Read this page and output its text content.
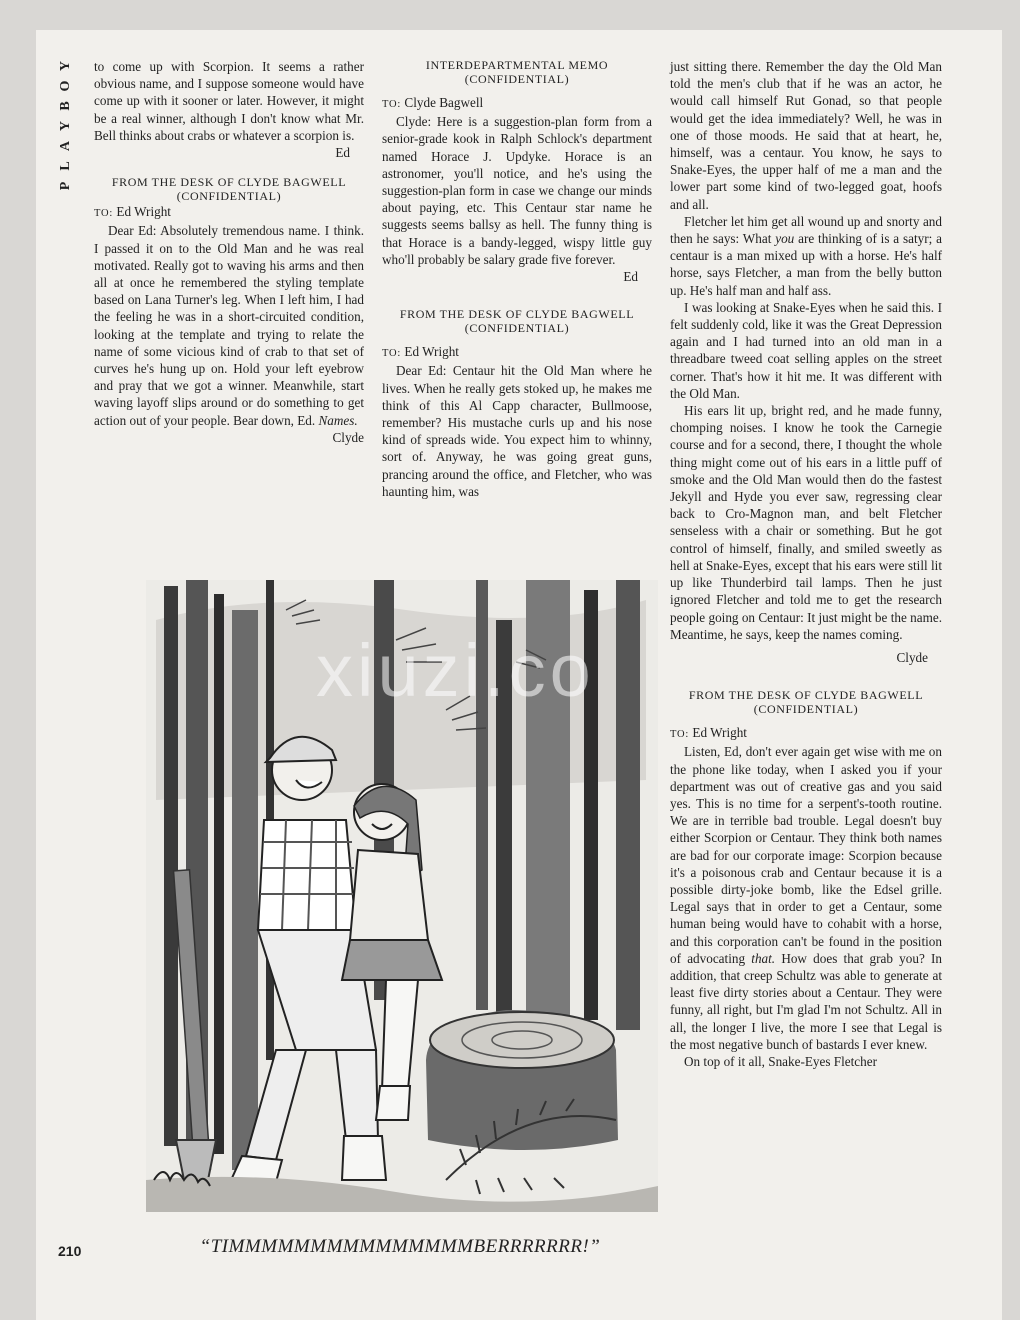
Y
O
B
Y
A
L
P

to come up with Scorpion. It seems a rather obvious name, and I suppose someone would have come up with it sooner or later. However, it might be a real winner, although I don't know what Mr. Bell thinks about crabs or whatever a scorpion is.

Ed

FROM THE DESK OF CLYDE BAGWELL

(CONFIDENTIAL)

TO: Ed Wright

Dear Ed: Absolutely tremendous name. I think. I passed it on to the Old Man and he was real motivated. Really got to waving his arms and then all at once he remembered the styling template based on Lana Turner's leg. When I left him, I had the feeling he was in a short-circuited condition, looking at the template and trying to relate the name of some vicious kind of crab to that set of curves he's hung up on. Hold your left eyebrow and pray that we got a winner. Meanwhile, start waving layoff slips around or do something to get action out of your people. Bear down, Ed. Names.

Clyde

INTERDEPARTMENTAL MEMO

(CONFIDENTIAL)

TO: Clyde Bagwell

Clyde: Here is a suggestion-plan form from a senior-grade kook in Ralph Schlock's department named Horace J. Updyke. Horace is an astronomer, you'll notice, and he's using the suggestion-plan form in case we change our minds about paying, etc. This Centaur star name he suggests seems ballsy as hell. The funny thing is that Horace is a bandy-legged, wispy little guy who'll probably be salary grade five forever.

Ed

FROM THE DESK OF CLYDE BAGWELL

(CONFIDENTIAL)

TO: Ed Wright

Dear Ed: Centaur hit the Old Man where he lives. When he really gets stoked up, he makes me think of this Al Capp character, Bullmoose, remember? His mustache curls up and his nose kind of spreads wide. You expect him to whinny, sort of. Anyway, he was going great guns, prancing around the office, and Fletcher, who was haunting him, was

just sitting there. Remember the day the Old Man told the men's club that if he was an actor, he would call himself Rut Gonad, so that people would get the idea immediately? Well, he was in one of those moods. He said that at heart, he, himself, was a centaur. You know, he says to Snake-Eyes, the upper half of me a man and the lower part some kind of two-legged goat, hoofs and all.

Fletcher let him get all wound up and snorty and then he says: What you are thinking of is a satyr; a centaur is a man mixed up with a horse. He's half horse, says Fletcher, a man from the belly button up. He's half man and half ass.

I was looking at Snake-Eyes when he said this. I felt suddenly cold, like it was the Great Depression again and I had turned into an old man in a threadbare tweed coat selling apples on the street corner. That's how it hit me. It was different with the Old Man.

His ears lit up, bright red, and he made funny, chomping noises. I know he took the Carnegie course and for a second, there, I thought the whole thing might come out of his ears in a little puff of smoke and the Old Man would then do the fastest Jekyll and Hyde you ever saw, regressing clear back to Cro-Magnon man, and belt Fletcher senseless with a chair or something. But he got control of himself, finally, and smiled sweetly as hell at Snake-Eyes, except that his ears were still lit up like Thunderbird tail lamps. Then he just ignored Fletcher and told me to get the research people going on Centaur: It just might be the name. Meantime, he says, keep the names coming.

Clyde

FROM THE DESK OF CLYDE BAGWELL

(CONFIDENTIAL)

TO: Ed Wright

Listen, Ed, don't ever again get wise with me on the phone like today, when I asked you if your department was out of creative gas and you said yes. This is no time for a serpent's-tooth routine. We are in terrible bad trouble. Legal doesn't buy either Scorpion or Centaur. They think both names are bad for our corporate image: Scorpion because it's a poisonous crab and Centaur because it is a possible dirty-joke bomb, like the Edsel grille. Legal says that in order to get a Centaur, some human being would have to cohabit with a horse, and this corporation can't be found in the position of advocating that. How does that grab you? In addition, that creep Schultz was able to generate at least five dirty stories about a Centaur. They were funny, all right, but I'm glad I'm not Schultz. All in all, the longer I live, the more I see that Legal is the most negative bunch of bastards I ever knew.

On top of it all, Snake-Eyes Fletcher

xiuzi.co
“TIMMMMMMMMMMMMMMMBERRRRRRR!”
210
